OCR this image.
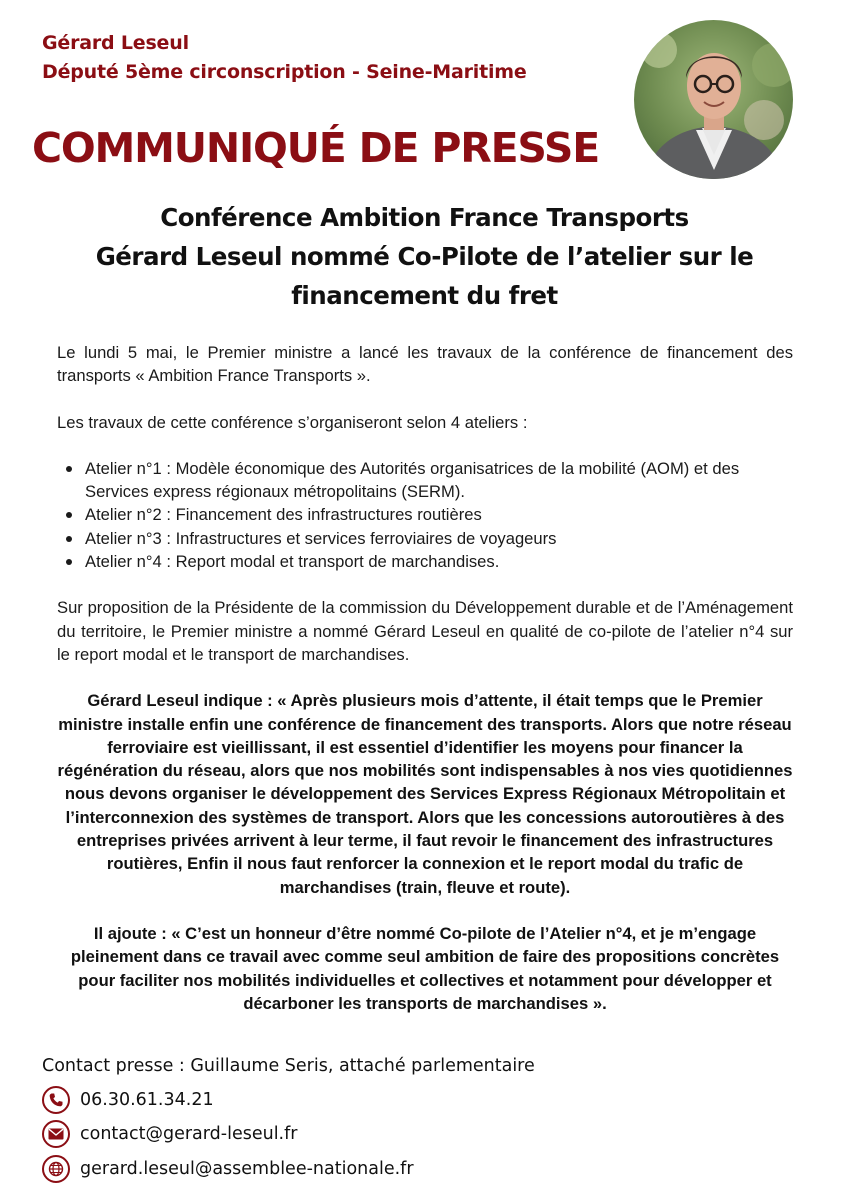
Gérard Leseul
Député 5ème circonscription - Seine-Maritime
COMMUNIQUÉ DE PRESSE
Conférence Ambition France Transports
Gérard Leseul nommé Co-Pilote de l’atelier sur le
financement du fret

Le lundi 5 mai, le Premier ministre a lancé les travaux de la conférence de financement des transports « Ambition France Transports ».

Les travaux de cette conférence s’organiseront selon 4 ateliers :

Atelier n°1 : Modèle économique des Autorités organisatrices de la mobilité (AOM) et des Services express régionaux métropolitains (SERM).
Atelier n°2 : Financement des infrastructures routières
Atelier n°3 : Infrastructures et services ferroviaires de voyageurs
Atelier n°4 : Report modal et transport de marchandises.

Sur proposition de la Présidente de la commission du Développement durable et de l’Aménagement du territoire, le Premier ministre a nommé Gérard Leseul en qualité de co-pilote de l’atelier n°4 sur le report modal et le transport de marchandises.

Gérard Leseul indique : « Après plusieurs mois d’attente, il était temps que le Premier ministre installe enfin une conférence de financement des transports. Alors que notre réseau ferroviaire est vieillissant, il est essentiel d’identifier les moyens pour financer la régénération du réseau, alors que nos mobilités sont indispensables à nos vies quotidiennes nous devons organiser le développement des Services Express Régionaux Métropolitain et l’interconnexion des systèmes de transport. Alors que les concessions autoroutières à des entreprises privées arrivent à leur terme, il faut revoir le financement des infrastructures routières, Enfin il nous faut renforcer la connexion et le report modal du trafic de marchandises (train, fleuve et route).

Il ajoute : « C’est un honneur d’être nommé Co-pilote de l’Atelier n°4, et je m’engage pleinement dans ce travail avec comme seul ambition de faire des propositions concrètes pour faciliter nos mobilités individuelles et collectives et notamment pour développer et décarboner les transports de marchandises ».

Contact presse : Guillaume Seris, attaché parlementaire
06.30.61.34.21
contact@gerard-leseul.fr
gerard.leseul@assemblee-nationale.fr
